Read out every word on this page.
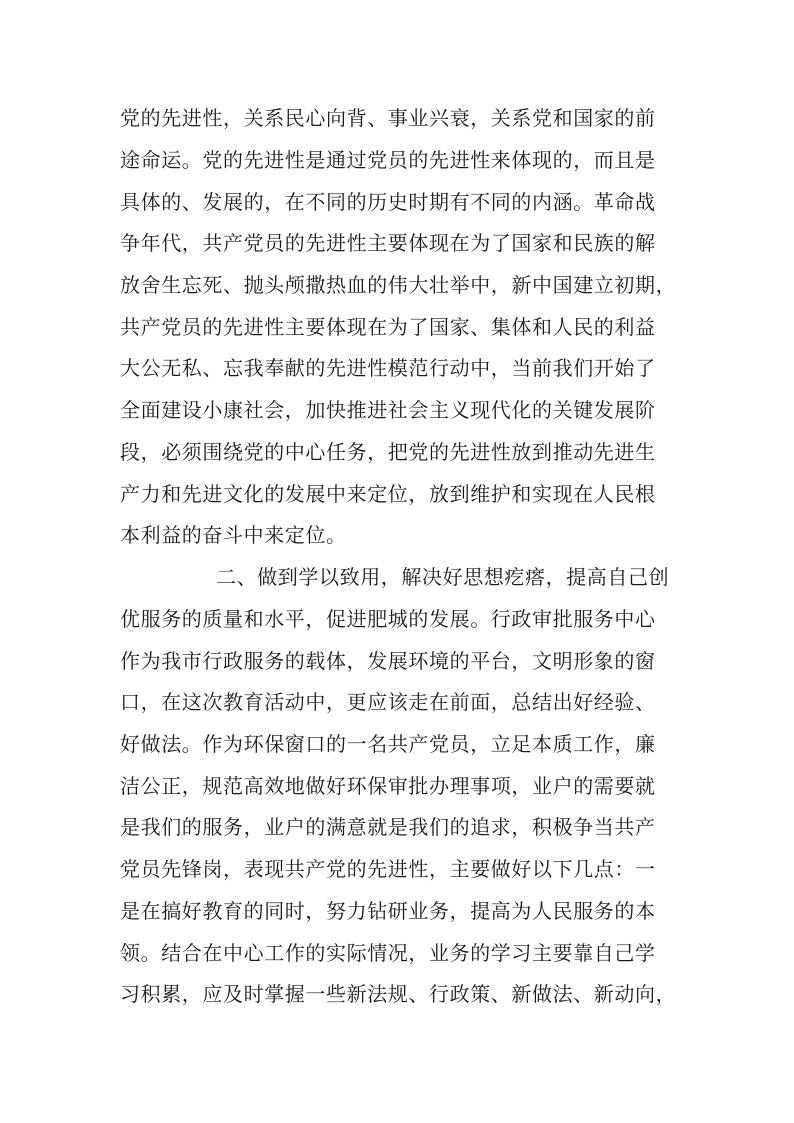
党的先进性，关系民心向背、事业兴衰，关系党和国家的前
途命运。党的先进性是通过党员的先进性来体现的，而且是
具体的、发展的，在不同的历史时期有不同的内涵。革命战
争年代，共产党员的先进性主要体现在为了国家和民族的解
放舍生忘死、抛头颅撒热血的伟大壮举中，新中国建立初期，
共产党员的先进性主要体现在为了国家、集体和人民的利益
大公无私、忘我奉献的先进性模范行动中，当前我们开始了
全面建设小康社会，加快推进社会主义现代化的关键发展阶
段，必须围绕党的中心任务，把党的先进性放到推动先进生
产力和先进文化的发展中来定位，放到维护和实现在人民根
本利益的奋斗中来定位。
二、做到学以致用，解决好思想疙瘩，提高自己创
优服务的质量和水平，促进肥城的发展。行政审批服务中心
作为我市行政服务的载体，发展环境的平台，文明形象的窗
口，在这次教育活动中，更应该走在前面，总结出好经验、
好做法。作为环保窗口的一名共产党员，立足本质工作，廉
洁公正，规范高效地做好环保审批办理事项，业户的需要就
是我们的服务，业户的满意就是我们的追求，积极争当共产
党员先锋岗，表现共产党的先进性，主要做好以下几点：一
是在搞好教育的同时，努力钻研业务，提高为人民服务的本
领。结合在中心工作的实际情况，业务的学习主要靠自己学
习积累，应及时掌握一些新法规、行政策、新做法、新动向，
